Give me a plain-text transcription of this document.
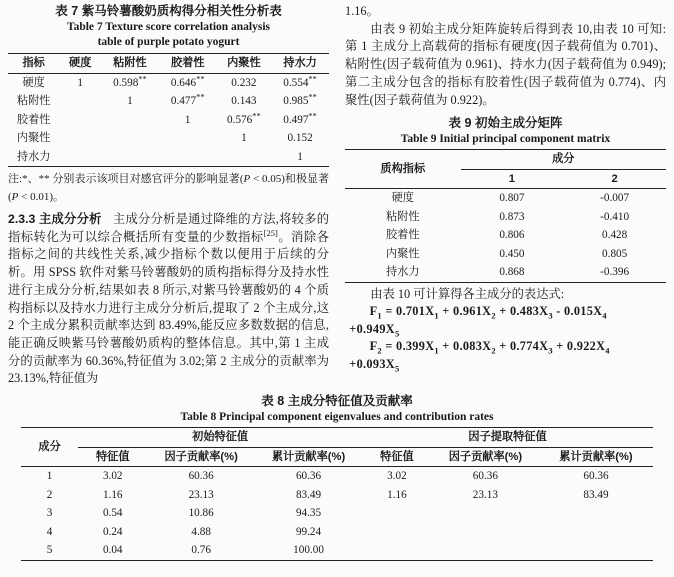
表 7 紫马铃薯酸奶质构得分相关性分析表
Table 7 Texture score correlation analysis
table of purple potato yogurt
指标	硬度	粘附性	胶着性	内聚性	持水力
硬度	1	0.598**	0.646**	0.232	0.554**
粘附性		1	0.477**	0.143	0.985**
胶着性			1	0.576**	0.497**
内聚性				1	0.152
持水力					1

注:*、** 分别表示该项目对感官评分的影响显著(P < 0.05)和极显著(P < 0.01)。

2.3.3 主成分分析 主成分分析是通过降维的方法,将较多的指标转化为可以综合概括所有变量的少数指标[25]。消除各指标之间的共线性关系,减少指标个数以便用于后续的分析。用 SPSS 软件对紫马铃薯酸奶的质构指标得分及持水性进行主成分分析,结果如表 8 所示,对紫马铃薯酸奶的 4 个质构指标以及持水力进行主成分分析后,提取了 2 个主成分,这 2 个主成分累积贡献率达到 83.49%,能反应多数数据的信息,能正确反映紫马铃薯酸奶质构的整体信息。其中,第 1 主成分的贡献率为 60.36%,特征值为 3.02;第 2 主成分的贡献率为 23.13%,特征值为

1.16。

由表 9 初始主成分矩阵旋转后得到表 10,由表 10 可知:第 1 主成分上高载荷的指标有硬度(因子载荷值为 0.701)、粘附性(因子载荷值为 0.961)、持水力(因子载荷值为 0.949);第二主成分包含的指标有胶着性(因子载荷值为 0.774)、内聚性(因子载荷值为 0.922)。

表 9 初始主成分矩阵
Table 9 Initial principal component matrix
质构指标	成分	
	1	2
硬度	0.807	-0.007
粘附性	0.873	-0.410
胶着性	0.806	0.428
内聚性	0.450	0.805
持水力	0.868	-0.396

由表 10 可计算得各主成分的表达式:

$F_1 = 0.701X_1 + 0.961X_2 + 0.483X_3 - 0.015X_4$

$+0.949X_5$

$F_2 = 0.399X_1 + 0.083X_2 + 0.774X_3 + 0.922X_4$

$+0.093X_5$

表 8 主成分特征值及贡献率
Table 8 Principal component eigenvalues and contribution rates
成分	初始特征值			因子提取特征值		
	特征值	因子贡献率(%)	累计贡献率(%)	特征值	因子贡献率(%)	累计贡献率(%)
1	3.02	60.36	60.36	3.02	60.36	60.36
2	1.16	23.13	83.49	1.16	23.13	83.49
3	0.54	10.86	94.35			
4	0.24	4.88	99.24			
5	0.04	0.76	100.00			
